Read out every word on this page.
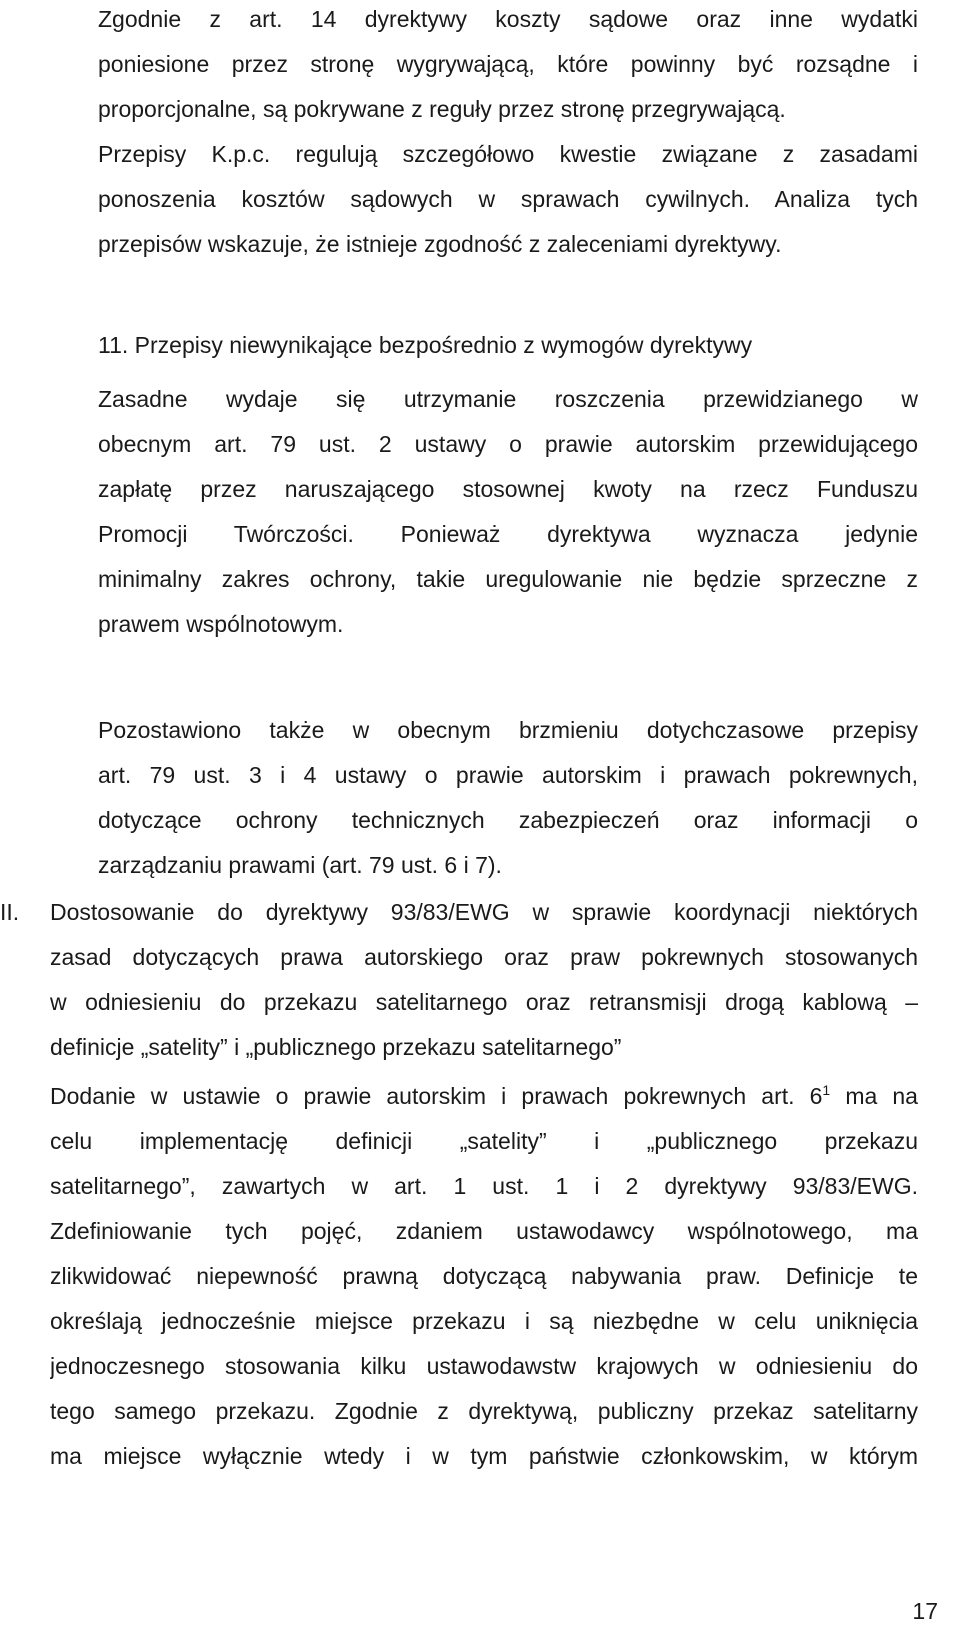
Zgodnie z art. 14 dyrektywy koszty sądowe oraz inne wydatki
poniesione przez stronę wygrywającą, które powinny być rozsądne i
proporcjonalne, są pokrywane z reguły przez stronę przegrywającą.
Przepisy K.p.c. regulują szczegółowo kwestie związane z zasadami
ponoszenia kosztów sądowych w sprawach cywilnych. Analiza tych
przepisów wskazuje, że istnieje zgodność z zaleceniami dyrektywy.
11. Przepisy niewynikające bezpośrednio z wymogów dyrektywy
Zasadne wydaje się utrzymanie roszczenia przewidzianego w
obecnym art. 79 ust. 2 ustawy o prawie autorskim przewidującego
zapłatę przez naruszającego stosownej kwoty na rzecz Funduszu
Promocji Twórczości. Ponieważ dyrektywa wyznacza jedynie
minimalny zakres ochrony, takie uregulowanie nie będzie sprzeczne z
prawem wspólnotowym.
Pozostawiono także w obecnym brzmieniu dotychczasowe przepisy
art. 79 ust. 3 i 4 ustawy o prawie autorskim i prawach pokrewnych,
dotyczące ochrony technicznych zabezpieczeń oraz informacji o
zarządzaniu prawami (art. 79 ust. 6 i 7).
II. Dostosowanie do dyrektywy 93/83/EWG w sprawie koordynacji niektórych
zasad dotyczących prawa autorskiego oraz praw pokrewnych stosowanych
w odniesieniu do przekazu satelitarnego oraz retransmisji drogą kablową –
definicje „satelity” i „publicznego przekazu satelitarnego”
Dodanie w ustawie o prawie autorskim i prawach pokrewnych art. $6^1$ ma na
celu implementację definicji „satelity” i „publicznego przekazu
satelitarnego”, zawartych w art. 1 ust. 1 i 2 dyrektywy 93/83/EWG.
Zdefiniowanie tych pojęć, zdaniem ustawodawcy wspólnotowego, ma
zlikwidować niepewność prawną dotyczącą nabywania praw. Definicje te
określają jednocześnie miejsce przekazu i są niezbędne w celu uniknięcia
jednoczesnego stosowania kilku ustawodawstw krajowych w odniesieniu do
tego samego przekazu. Zgodnie z dyrektywą, publiczny przekaz satelitarny
ma miejsce wyłącznie wtedy i w tym państwie członkowskim, w którym
17
